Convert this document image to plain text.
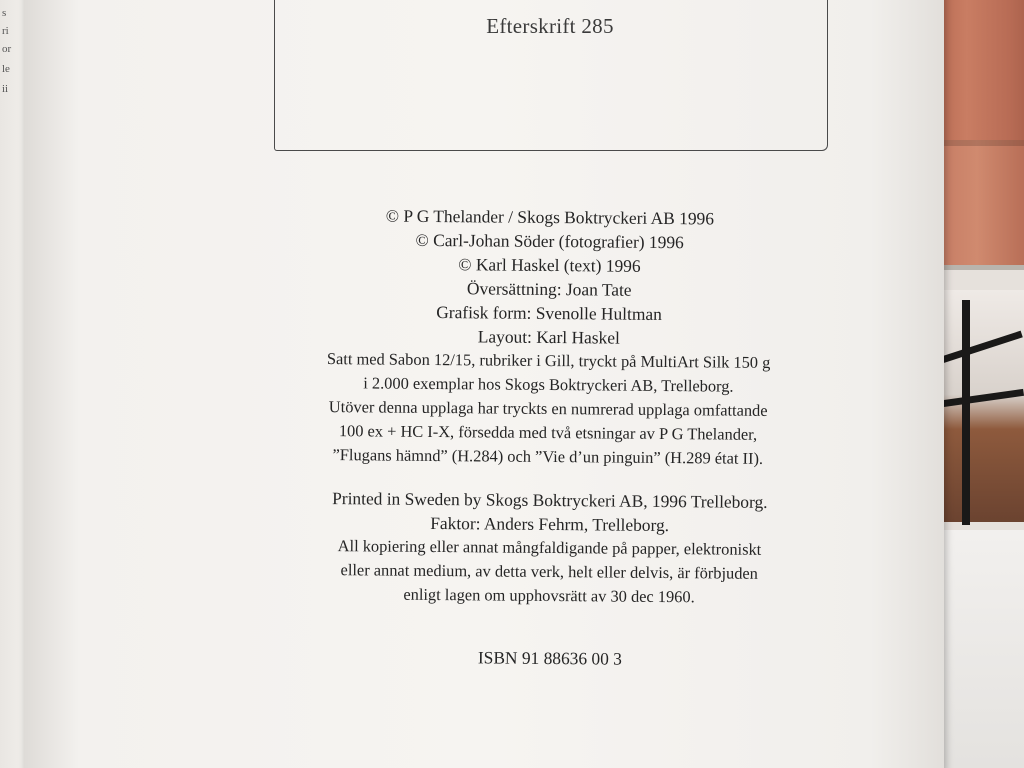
s
ri
or
le
ii
Efterskrift 285
© P G Thelander / Skogs Boktryckeri AB 1996
© Carl-Johan Söder (fotografier) 1996
© Karl Haskel (text) 1996
Översättning: Joan Tate
Grafisk form: Svenolle Hultman
Layout: Karl Haskel
Satt med Sabon 12/15, rubriker i Gill, tryckt på MultiArt Silk 150 g
i 2.000 exemplar hos Skogs Boktryckeri AB, Trelleborg.
Utöver denna upplaga har tryckts en numrerad upplaga omfattande
100 ex + HC I-X, försedda med två etsningar av P G Thelander,
”Flugans hämnd” (H.284) och ”Vie d’un pinguin” (H.289 état II).
Printed in Sweden by Skogs Boktryckeri AB, 1996 Trelleborg.
Faktor: Anders Fehrm, Trelleborg.
All kopiering eller annat mångfaldigande på papper, elektroniskt
eller annat medium, av detta verk, helt eller delvis, är förbjuden
enligt lagen om upphovsrätt av 30 dec 1960.
ISBN 91 88636 00 3
